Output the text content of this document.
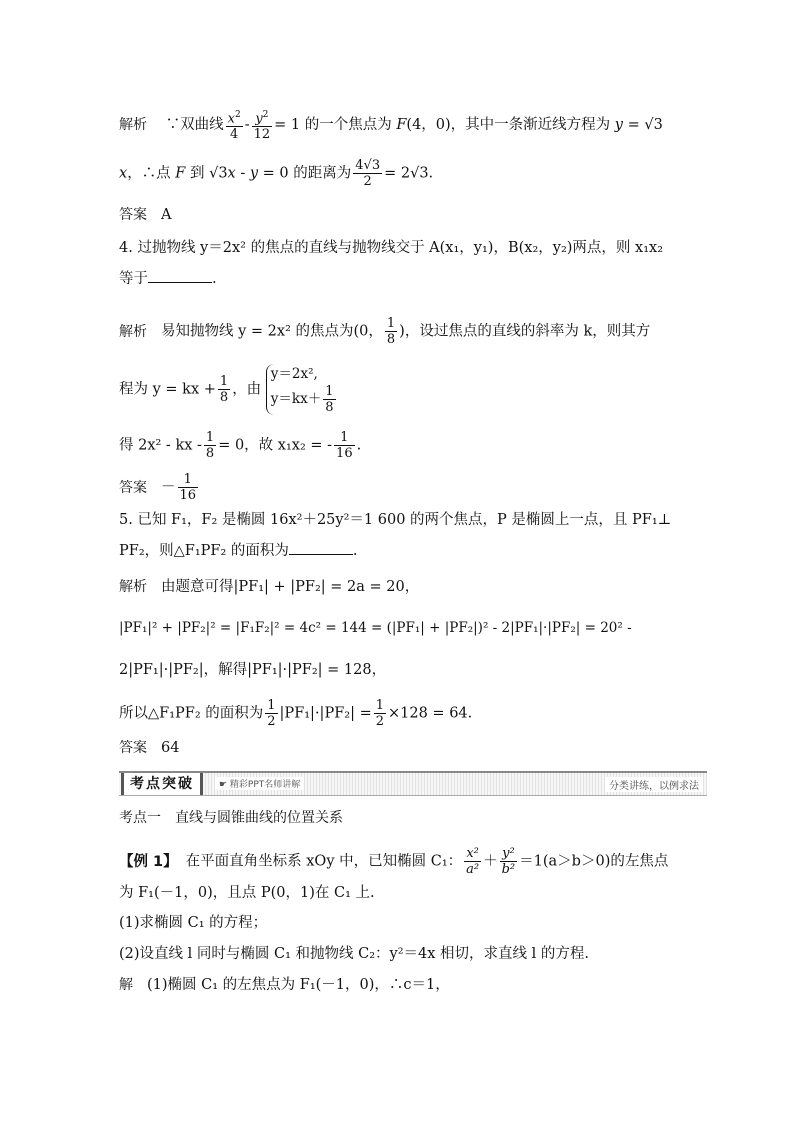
解析 ∵双曲线 $\frac{x^2}{4} - \frac{y^2}{12} = 1$ 的一个焦点为 F(4，0)，其中一条渐近线方程为 y = √3
x，∴点 F 到 √3x - y = 0 的距离为 $\frac{4√3}{2} = 2√3$.
答案 A
4. 过抛物线 y＝2x² 的焦点的直线与抛物线交于 A(x₁，y₁)，B(x₂，y₂)两点，则 x₁x₂
等于	.
解析 易知抛物线 y = 2x² 的焦点为(0， $\frac{1}{8}$ )，设过焦点的直线的斜率为 k，则其方
程为 y = kx + $\frac{1}{8}$ ，由
y＝2x²,
$y=kx+ \frac{1}{8}$
得 2x² - kx - $\frac{1}{8} = 0$，故 x₁x₂ = - $\frac{1}{16}$ .
答案 － $\frac{1}{16}$
5. 已知 F₁，F₂ 是椭圆 16x²＋25y²＝1 600 的两个焦点，P 是椭圆上一点，且 PF₁⊥
PF₂，则△F₁PF₂ 的面积为	.
解析 由题意可得|PF₁| + |PF₂| = 2a = 20，
|PF₁|² + |PF₂|² = |F₁F₂|² = 4c² = 144 = (|PF₁| + |PF₂|)² - 2|PF₁|·|PF₂| = 20² -
2|PF₁|·|PF₂|，解得|PF₁|·|PF₂| = 128，
所以△F₁PF₂ 的面积为 $\frac{1}{2} |PF_1|\cdot|PF_2| = \frac{1}{2} \times 128 = 64$.
答案 64
考点突破	☛ 精彩PPT名师讲解	分类讲练，以例求法
考点一　直线与圆锥曲线的位置关系
【例 1】 在平面直角坐标系 xOy 中，已知椭圆 C₁： $\frac{\text{x²}}{\text{a²}} + \frac{\text{y²}}{\text{b²}} =1(a>b>0)$的左焦点
为 F₁(－1，0)，且点 P(0，1)在 C₁ 上.
(1)求椭圆 C₁ 的方程；
(2)设直线 l 同时与椭圆 C₁ 和抛物线 C₂：y²＝4x 相切，求直线 l 的方程.
解 (1)椭圆 C₁ 的左焦点为 F₁(－1，0)，∴c＝1，
